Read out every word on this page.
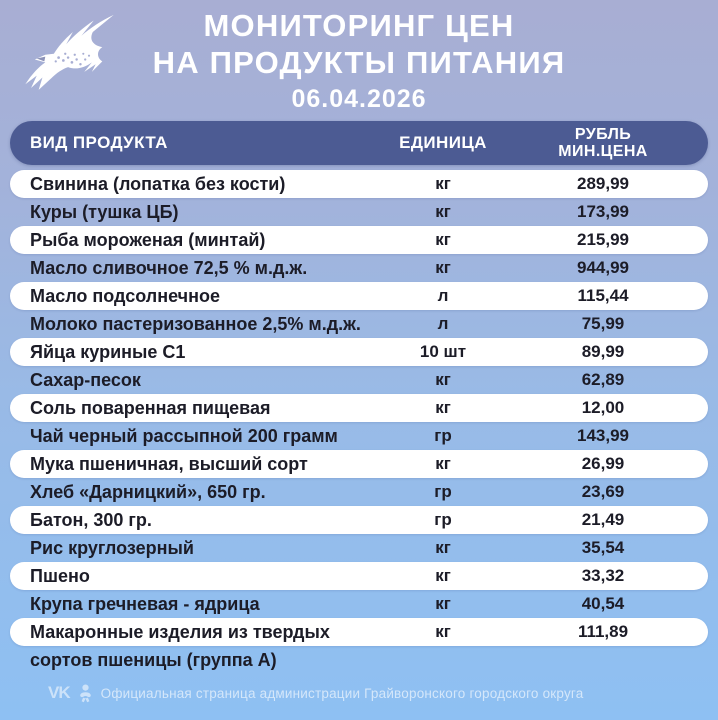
МОНИТОРИНГ ЦЕН
НА ПРОДУКТЫ ПИТАНИЯ
06.04.2026
ВИД ПРОДУКТА	ЕДИНИЦА	РУБЛЬ
МИН.ЦЕНА
Свинина (лопатка без кости)	кг	289,99
Куры (тушка ЦБ)	кг	173,99
Рыба мороженая (минтай)	кг	215,99
Масло сливочное 72,5 % м.д.ж.	кг	944,99
Масло подсолнечное	л	115,44
Молоко пастеризованное 2,5% м.д.ж.	л	75,99
Яйца куриные С1	10 шт	89,99
Сахар-песок	кг	62,89
Соль поваренная пищевая	кг	12,00
Чай черный рассыпной 200 грамм	гр	143,99
Мука пшеничная, высший сорт	кг	26,99
Хлеб «Дарницкий», 650 гр.	гр	23,69
Батон, 300 гр.	гр	21,49
Рис круглозерный	кг	35,54
Пшено	кг	33,32
Крупа гречневая - ядрица	кг	40,54
Макаронные изделия из твердых	кг	111,89
сортов пшеницы (группа А)
VK Официальная страница администрации Грайворонского городского округа
